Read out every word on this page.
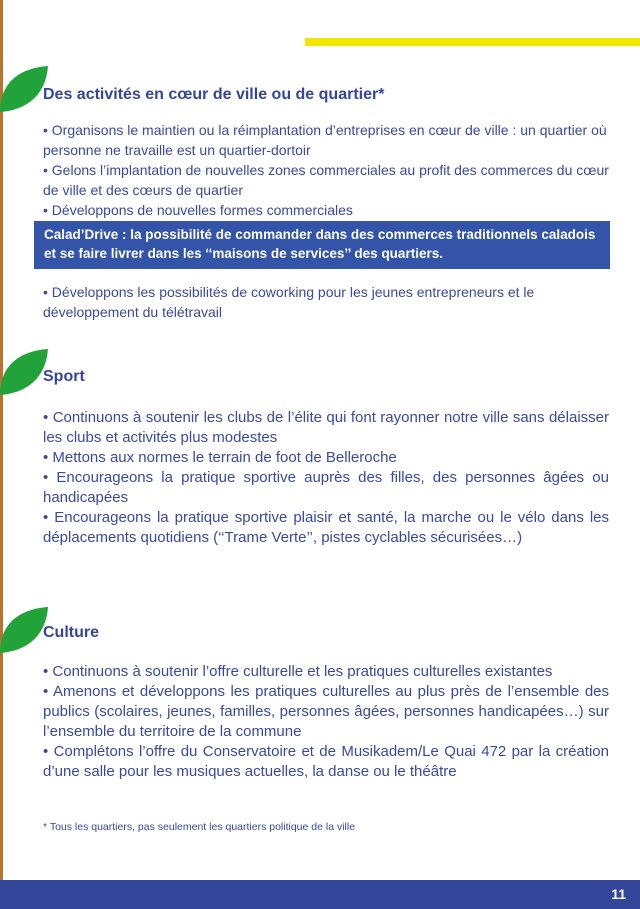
Des activités en cœur de ville ou de quartier*

• Organisons le maintien ou la réimplantation d’entreprises en cœur de ville : un quartier où personne ne travaille est un quartier-dortoir

• Gelons l’implantation de nouvelles zones commerciales au profit des commerces du cœur de ville et des cœurs de quartier

• Développons de nouvelles formes commerciales

Calad’Drive : la possibilité de commander dans des commerces traditionnels caladois et se faire livrer dans les ‘‘maisons de services’’ des quartiers.

• Développons les possibilités de coworking pour les jeunes entrepreneurs et le développement du télétravail

Sport

• Continuons à soutenir les clubs de l’élite qui font rayonner notre ville sans délaisser les clubs et activités plus modestes

• Mettons aux normes le terrain de foot de Belleroche

• Encourageons la pratique sportive auprès des filles, des personnes âgées ou handicapées

• Encourageons la pratique sportive plaisir et santé, la marche ou le vélo dans les déplacements quotidiens (‘‘Trame Verte’’, pistes cyclables sécurisées…)

Culture

• Continuons à soutenir l’offre culturelle et les pratiques culturelles existantes

• Amenons et développons les pratiques culturelles au plus près de l’ensemble des publics (scolaires, jeunes, familles, personnes âgées, personnes handicapées…) sur l’ensemble du territoire de la commune

• Complétons l’offre du Conservatoire et de Musikadem/Le Quai 472 par la création d’une salle pour les musiques actuelles, la danse ou le théâtre

* Tous les quartiers, pas seulement les quartiers politique de la ville

11
